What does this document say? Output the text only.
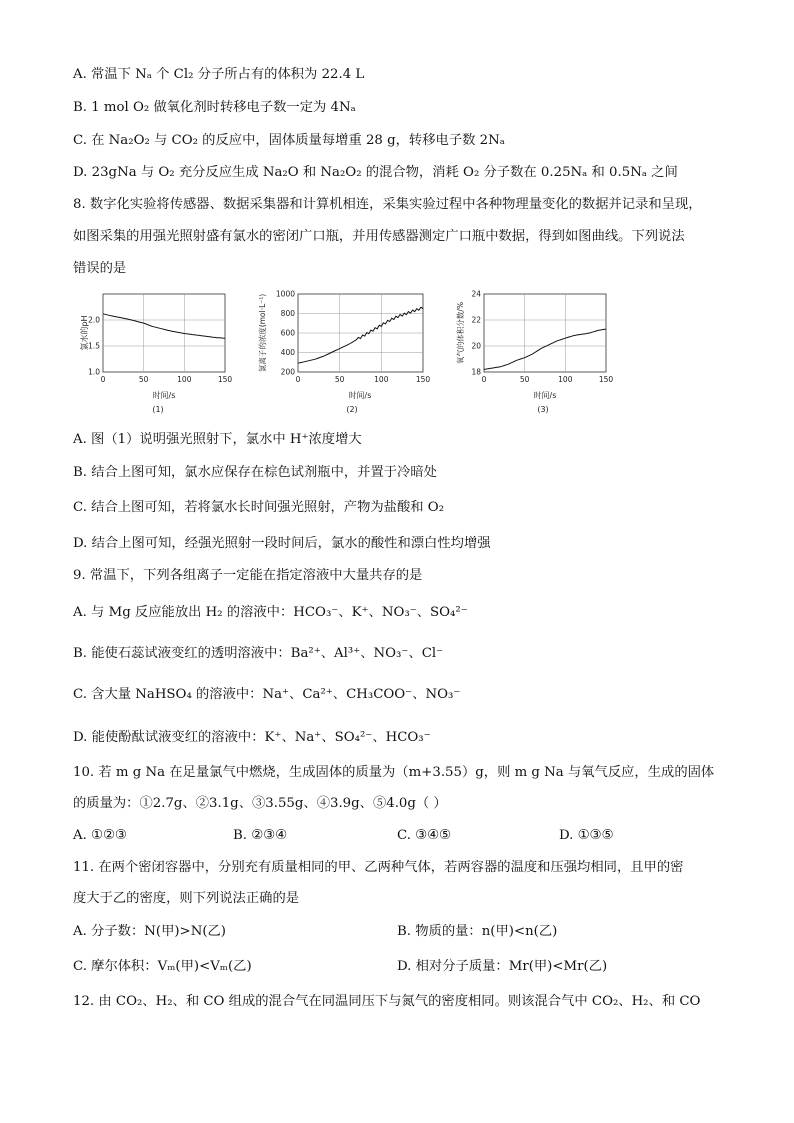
A. 常温下 Nₐ 个 Cl₂ 分子所占有的体积为 22.4 L
B. 1 mol O₂ 做氧化剂时转移电子数一定为 4Nₐ
C. 在 Na₂O₂ 与 CO₂ 的反应中，固体质量每增重 28 g，转移电子数 2Nₐ
D. 23gNa 与 O₂ 充分反应生成 Na₂O 和 Na₂O₂ 的混合物，消耗 O₂ 分子数在 0.25Nₐ 和 0.5Nₐ 之间
8. 数字化实验将传感器、数据采集器和计算机相连，采集实验过程中各种物理量变化的数据并记录和呈现，
如图采集的用强光照射盛有氯水的密闭广口瓶，并用传感器测定广口瓶中数据，得到如图曲线。下列说法
错误的是
氯水的pH
时间/s
(1)
0	50	100	150
1.0
1.5
2.0	氯离子的浓度(mol·L⁻¹)
时间/s
(2)
0	50	100	150
200
400
600
800
1000
氧气的体积分数/%
时间/s
(3)
0	50	100	150
18
20
22
24
A. 图（1）说明强光照射下，氯水中 H⁺浓度增大
B. 结合上图可知，氯水应保存在棕色试剂瓶中，并置于冷暗处
C. 结合上图可知，若将氯水长时间强光照射，产物为盐酸和 O₂
D. 结合上图可知，经强光照射一段时间后，氯水的酸性和漂白性均增强
9. 常温下，下列各组离子一定能在指定溶液中大量共存的是
A. 与 Mg 反应能放出 H₂ 的溶液中：HCO₃⁻、K⁺、NO₃⁻、SO₄²⁻
B. 能使石蕊试液变红的透明溶液中：Ba²⁺、Al³⁺、NO₃⁻、Cl⁻
C. 含大量 NaHSO₄ 的溶液中：Na⁺、Ca²⁺、CH₃COO⁻、NO₃⁻
D. 能使酚酞试液变红的溶液中：K⁺、Na⁺、SO₄²⁻、HCO₃⁻
10. 若 m g Na 在足量氯气中燃烧，生成固体的质量为（m+3.55）g，则 m g Na 与氧气反应，生成的固体
的质量为：①2.7g、②3.1g、③3.55g、④3.9g、⑤4.0g（ ）
A. ①②③	B. ②③④	C. ③④⑤	D. ①③⑤
11. 在两个密闭容器中，分别充有质量相同的甲、乙两种气体，若两容器的温度和压强均相同，且甲的密
度大于乙的密度，则下列说法正确的是
A. 分子数：N(甲)>N(乙)	B. 物质的量：n(甲)<n(乙)
C. 摩尔体积：Vₘ(甲)<Vₘ(乙)	D. 相对分子质量：Mr(甲)<Mr(乙)
12. 由 CO₂、H₂、和 CO 组成的混合气在同温同压下与氮气的密度相同。则该混合气中 CO₂、H₂、和 CO
